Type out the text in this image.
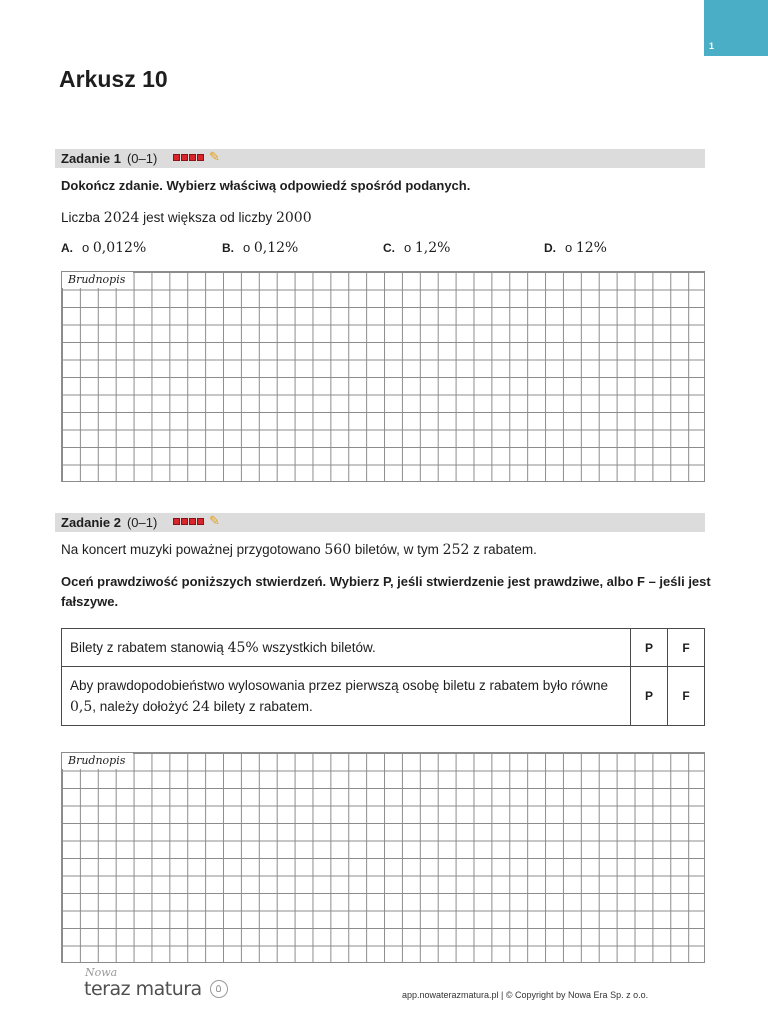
1
Arkusz 10
Zadanie 1 (0–1)	✎
Dokończ zdanie. Wybierz właściwą odpowiedź spośród podanych.
Liczba 2024 jest większa od liczby 2000
A. o 0,012%	B. o 0,12%	C. o 1,2%	D. o 12%
Brudnopis
Zadanie 2 (0–1)	✎
Na koncert muzyki poważnej przygotowano 560 biletów, w tym 252 z rabatem.
Oceń prawdziwość poniższych stwierdzeń. Wybierz P, jeśli stwierdzenie jest prawdziwe, albo F – jeśli jest fałszywe.
Bilety z rabatem stanowią 45% wszystkich biletów.	P	F
Aby prawdopodobieństwo wylosowania przez pierwszą osobę biletu z rabatem było równe 0,5, należy dołożyć 24 bilety z rabatem.	P	F
Brudnopis
Nowa
teraz matura	app.nowaterazmatura.pl | © Copyright by Nowa Era Sp. z o.o.
